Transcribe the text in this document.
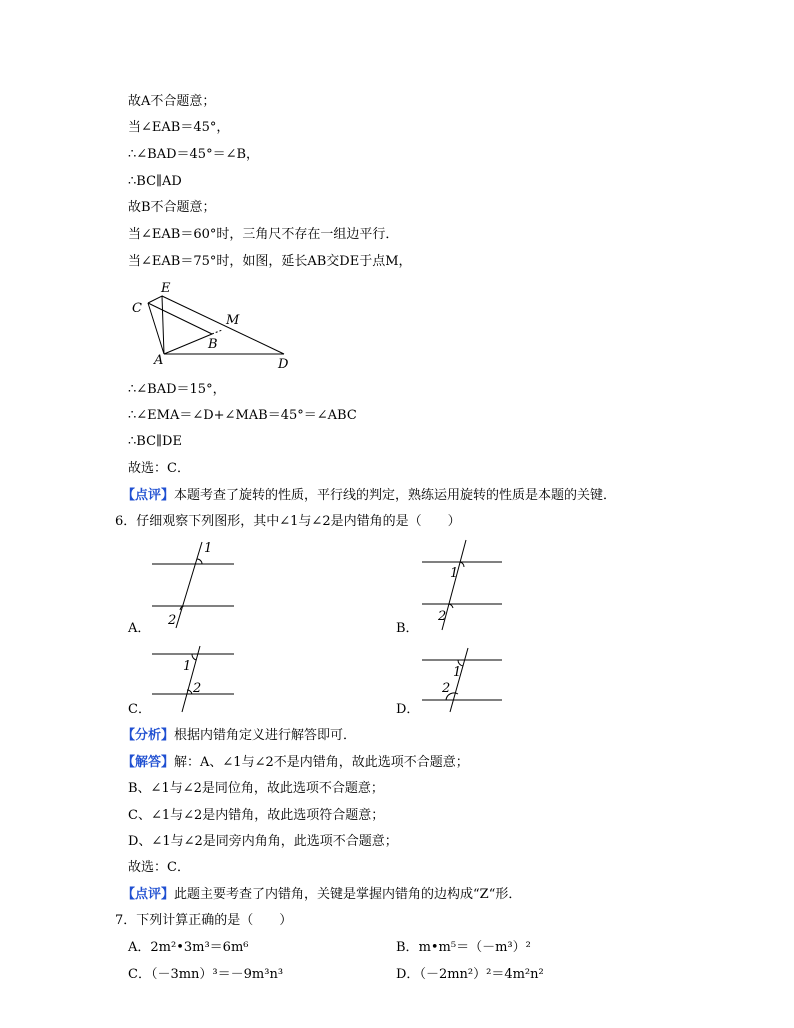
故A不合题意；
当∠EAB＝45°，
∴∠BAD＝45°＝∠B，
∴BC∥AD
故B不合题意；
当∠EAB＝60°时，三角尺不存在一组边平行．
当∠EAB＝75°时，如图，延长AB交DE于点M，
C
E
M
B
A	D
∴∠BAD＝15°，
∴∠EMA＝∠D+∠MAB＝45°＝∠ABC
∴BC∥DE
故选：C．
【点评】本题考查了旋转的性质，平行线的判定，熟练运用旋转的性质是本题的关键．
6．仔细观察下列图形，其中∠1与∠2是内错角的是（　　）
1
2
A．
1
2
B．
1
2
C．
1
2
D．
【分析】根据内错角定义进行解答即可．
【解答】解：A、∠1与∠2不是内错角，故此选项不合题意；
B、∠1与∠2是同位角，故此选项不合题意；
C、∠1与∠2是内错角，故此选项符合题意；
D、∠1与∠2是同旁内角角，此选项不合题意；
故选：C．
【点评】此题主要考查了内错角，关键是掌握内错角的边构成“Z“形．
7．下列计算正确的是（　　）
A．2m²•3m³＝6m⁶	B．m•m⁵＝（－m³）²
C．（－3mn）³＝－9m³n³	D．（－2mn²）²＝4m²n²
